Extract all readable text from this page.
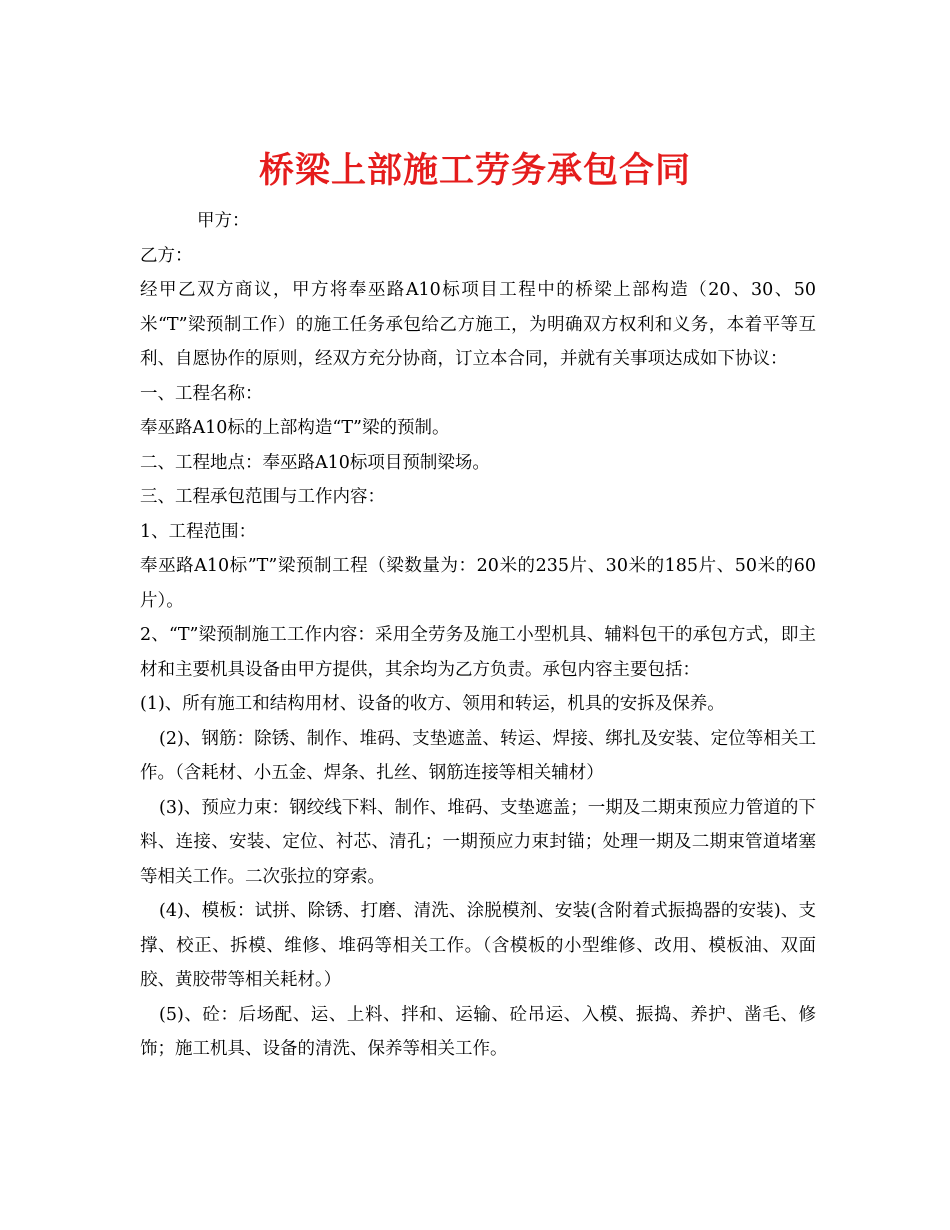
桥梁上部施工劳务承包合同

甲方：

乙方：

经甲乙双方商议，甲方将奉巫路A10标项目工程中的桥梁上部构造（20、30、50米“T”梁预制工作）的施工任务承包给乙方施工，为明确双方权利和义务，本着平等互利、自愿协作的原则，经双方充分协商，订立本合同，并就有关事项达成如下协议：

一、工程名称：

奉巫路A10标的上部构造“T”梁的预制。

二、工程地点：奉巫路A10标项目预制梁场。

三、工程承包范围与工作内容：

1、工程范围：

奉巫路A10标”T”梁预制工程（梁数量为：20米的235片、30米的185片、50米的60片）。

2、“T”梁预制施工工作内容：采用全劳务及施工小型机具、辅料包干的承包方式，即主材和主要机具设备由甲方提供，其余均为乙方负责。承包内容主要包括：

(1)、所有施工和结构用材、设备的收方、领用和转运，机具的安拆及保养。

(2)、钢筋：除锈、制作、堆码、支垫遮盖、转运、焊接、绑扎及安装、定位等相关工作。（含耗材、小五金、焊条、扎丝、钢筋连接等相关辅材）

(3)、预应力束：钢绞线下料、制作、堆码、支垫遮盖；一期及二期束预应力管道的下料、连接、安装、定位、衬芯、清孔；一期预应力束封锚；处理一期及二期束管道堵塞等相关工作。二次张拉的穿索。

(4)、模板：试拼、除锈、打磨、清洗、涂脱模剂、安装(含附着式振捣器的安装)、支撑、校正、拆模、维修、堆码等相关工作。（含模板的小型维修、改用、模板油、双面胶、黄胶带等相关耗材。）

(5)、砼：后场配、运、上料、拌和、运输、砼吊运、入模、振捣、养护、凿毛、修饰；施工机具、设备的清洗、保养等相关工作。
